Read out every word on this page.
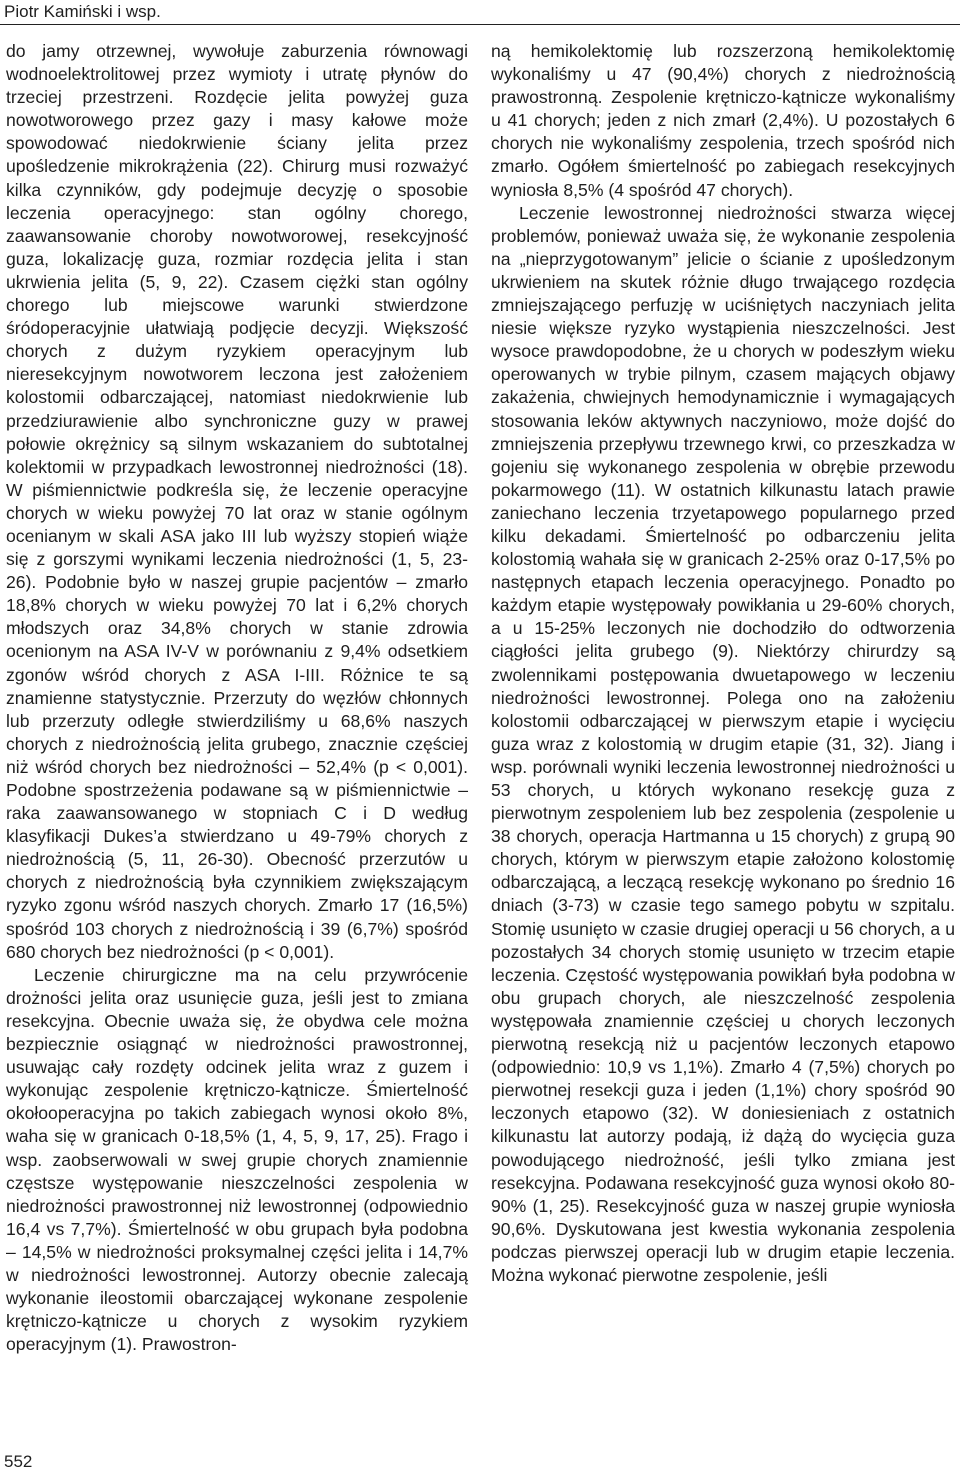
Piotr Kamiński i wsp.

do jamy otrzewnej, wywołuje zaburzenia równowagi wodnoelektrolitowej przez wymioty i utratę płynów do trzeciej przestrzeni. Rozdęcie jelita powyżej guza nowotworowego przez gazy i masy kałowe może spowodować niedokrwienie ściany jelita przez upośledzenie mikrokrążenia (22). Chirurg musi rozważyć kilka czynników, gdy podejmuje decyzję o sposobie leczenia operacyjnego: stan ogólny chorego, zaawansowanie choroby nowotworowej, resekcyjność guza, lokalizację guza, rozmiar rozdęcia jelita i stan ukrwienia jelita (5, 9, 22). Czasem ciężki stan ogólny chorego lub miejscowe warunki stwierdzone śródoperacyjnie ułatwiają podjęcie decyzji. Większość chorych z dużym ryzykiem operacyjnym lub nieresekcyjnym nowotworem leczona jest założeniem kolostomii odbarczającej, natomiast niedokrwienie lub przedziurawienie albo synchroniczne guzy w prawej połowie okrężnicy są silnym wskazaniem do subtotalnej kolektomii w przypadkach lewostronnej niedrożności (18). W piśmiennictwie podkreśla się, że leczenie operacyjne chorych w wieku powyżej 70 lat oraz w stanie ogólnym ocenianym w skali ASA jako III lub wyższy stopień wiąże się z gorszymi wynikami leczenia niedrożności (1, 5, 23-26). Podobnie było w naszej grupie pacjentów – zmarło 18,8% chorych w wieku powyżej 70 lat i 6,2% chorych młodszych oraz 34,8% chorych w stanie zdrowia ocenionym na ASA IV-V w porównaniu z 9,4% odsetkiem zgonów wśród chorych z ASA I-III. Różnice te są znamienne statystycznie. Przerzuty do węzłów chłonnych lub przerzuty odległe stwierdziliśmy u 68,6% naszych chorych z niedrożnością jelita grubego, znacznie częściej niż wśród chorych bez niedrożności – 52,4% (p < 0,001). Podobne spostrzeżenia podawane są w piśmiennictwie – raka zaawansowanego w stopniach C i D według klasyfikacji Dukes’a stwierdzano u 49-79% chorych z niedrożnością (5, 11, 26-30). Obecność przerzutów u chorych z niedrożnością była czynnikiem zwiększającym ryzyko zgonu wśród naszych chorych. Zmarło 17 (16,5%) spośród 103 chorych z niedrożnością i 39 (6,7%) spośród 680 chorych bez niedrożności (p < 0,001).

Leczenie chirurgiczne ma na celu przywrócenie drożności jelita oraz usunięcie guza, jeśli jest to zmiana resekcyjna. Obecnie uważa się, że obydwa cele można bezpiecznie osiągnąć w niedrożności prawostronnej, usuwając cały rozdęty odcinek jelita wraz z guzem i wykonując zespolenie krętniczo-kątnicze. Śmiertelność okołooperacyjna po takich zabiegach wynosi około 8%, waha się w granicach 0-18,5% (1, 4, 5, 9, 17, 25). Frago i wsp. zaobserwowali w swej grupie chorych znamiennie częstsze występowanie nieszczelności zespolenia w niedrożności prawostronnej niż lewostronnej (odpowiednio 16,4 vs 7,7%). Śmiertelność w obu grupach była podobna – 14,5% w niedrożności proksymalnej części jelita i 14,7% w niedrożności lewostronnej. Autorzy obecnie zalecają wykonanie ileostomii obarczającej wykonane zespolenie krętniczo-kątnicze u chorych z wysokim ryzykiem operacyjnym (1). Prawostron-

ną hemikolektomię lub rozszerzoną hemikolektomię wykonaliśmy u 47 (90,4%) chorych z niedrożnością prawostronną. Zespolenie krętniczo-kątnicze wykonaliśmy u 41 chorych; jeden z nich zmarł (2,4%). U pozostałych 6 chorych nie wykonaliśmy zespolenia, trzech spośród nich zmarło. Ogółem śmiertelność po zabiegach resekcyjnych wyniosła 8,5% (4 spośród 47 chorych).

Leczenie lewostronnej niedrożności stwarza więcej problemów, ponieważ uważa się, że wykonanie zespolenia na „nieprzygotowanym” jelicie o ścianie z upośledzonym ukrwieniem na skutek różnie długo trwającego rozdęcia zmniejszającego perfuzję w uciśniętych naczyniach jelita niesie większe ryzyko wystąpienia nieszczelności. Jest wysoce prawdopodobne, że u chorych w podeszłym wieku operowanych w trybie pilnym, czasem mających objawy zakażenia, chwiejnych hemodynamicznie i wymagających stosowania leków aktywnych naczyniowo, może dojść do zmniejszenia przepływu trzewnego krwi, co przeszkadza w gojeniu się wykonanego zespolenia w obrębie przewodu pokarmowego (11). W ostatnich kilkunastu latach prawie zaniechano leczenia trzyetapowego popularnego przed kilku dekadami. Śmiertelność po odbarczeniu jelita kolostomią wahała się w granicach 2-25% oraz 0-17,5% po następnych etapach leczenia operacyjnego. Ponadto po każdym etapie występowały powikłania u 29-60% chorych, a u 15-25% leczonych nie dochodziło do odtworzenia ciągłości jelita grubego (9). Niektórzy chirurdzy są zwolennikami postępowania dwuetapowego w leczeniu niedrożności lewostronnej. Polega ono na założeniu kolostomii odbarczającej w pierwszym etapie i wycięciu guza wraz z kolostomią w drugim etapie (31, 32). Jiang i wsp. porównali wyniki leczenia lewostronnej niedrożności u 53 chorych, u których wykonano resekcję guza z pierwotnym zespoleniem lub bez zespolenia (zespolenie u 38 chorych, operacja Hartmanna u 15 chorych) z grupą 90 chorych, którym w pierwszym etapie założono kolostomię odbarczającą, a leczącą resekcję wykonano po średnio 16 dniach (3-73) w czasie tego samego pobytu w szpitalu. Stomię usunięto w czasie drugiej operacji u 56 chorych, a u pozostałych 34 chorych stomię usunięto w trzecim etapie leczenia. Częstość występowania powikłań była podobna w obu grupach chorych, ale nieszczelność zespolenia występowała znamiennie częściej u chorych leczonych pierwotną resekcją niż u pacjentów leczonych etapowo (odpowiednio: 10,9 vs 1,1%). Zmarło 4 (7,5%) chorych po pierwotnej resekcji guza i jeden (1,1%) chory spośród 90 leczonych etapowo (32). W doniesieniach z ostatnich kilkunastu lat autorzy podają, iż dążą do wycięcia guza powodującego niedrożność, jeśli tylko zmiana jest resekcyjna. Podawana resekcyjność guza wynosi około 80-90% (1, 25). Resekcyjność guza w naszej grupie wyniosła 90,6%. Dyskutowana jest kwestia wykonania zespolenia podczas pierwszej operacji lub w drugim etapie leczenia. Można wykonać pierwotne zespolenie, jeśli

552
